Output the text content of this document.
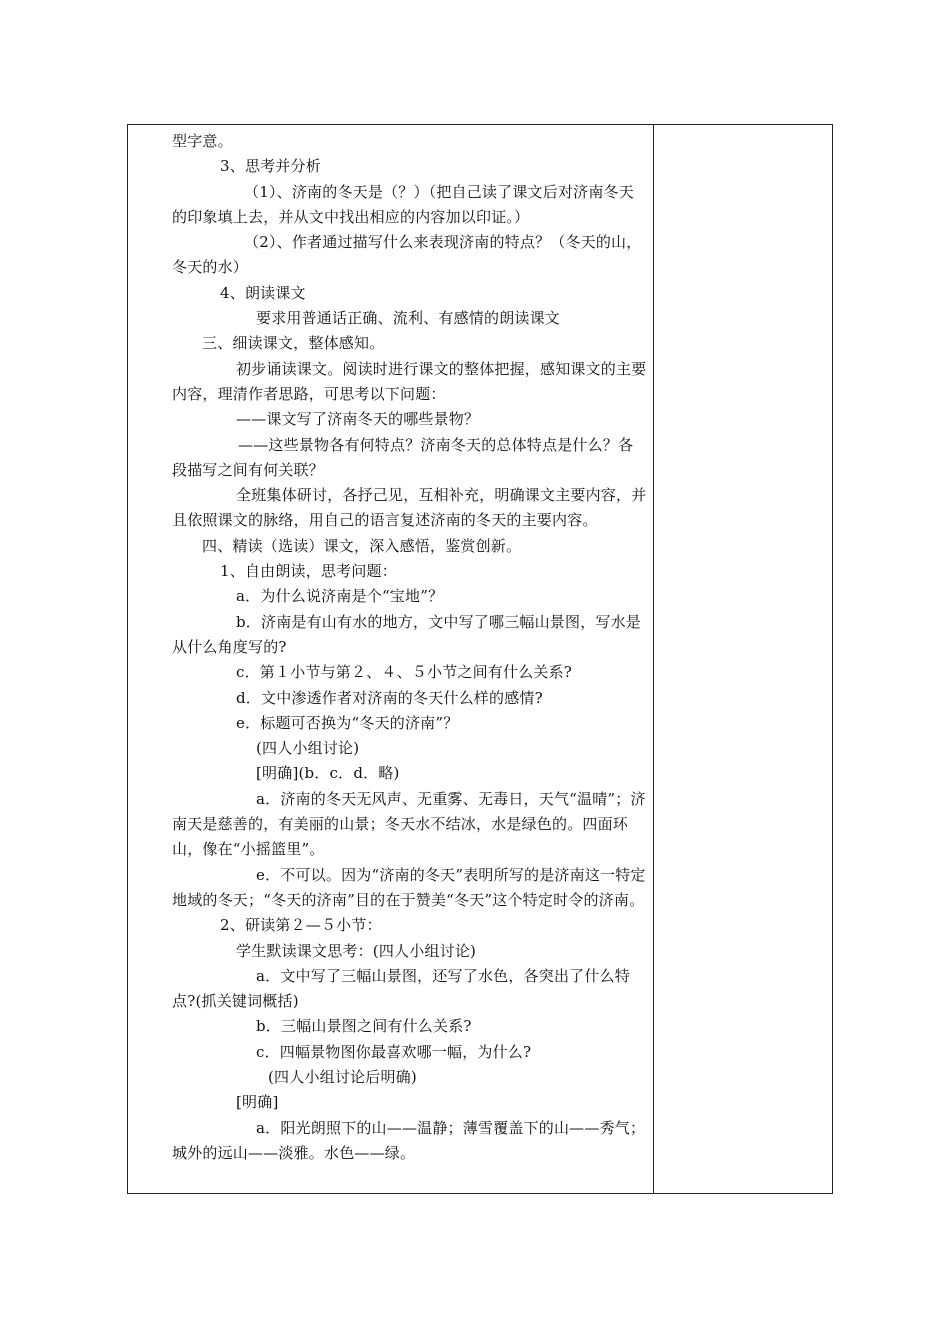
型字意。

3、思考并分析

（1）、济南的冬天是（？）（把自己读了课文后对济南冬天的印象填上去，并从文中找出相应的内容加以印证。）

（2）、作者通过描写什么来表现济南的特点？（冬天的山，冬天的水）

4、朗读课文

要求用普通话正确、流利、有感情的朗读课文

三、细读课文，整体感知。

初步诵读课文。阅读时进行课文的整体把握，感知课文的主要内容，理清作者思路，可思考以下问题：

——课文写了济南冬天的哪些景物？

——这些景物各有何特点？济南冬天的总体特点是什么？各段描写之间有何关联？

全班集体研讨，各抒己见，互相补充，明确课文主要内容，并且依照课文的脉络，用自己的语言复述济南的冬天的主要内容。

四、精读（选读）课文，深入感悟，鉴赏创新。

1、自由朗读，思考问题：

a．为什么说济南是个“宝地”？

b．济南是有山有水的地方，文中写了哪三幅山景图，写水是从什么角度写的?

c．第１小节与第２、４、５小节之间有什么关系?

d．文中渗透作者对济南的冬天什么样的感情?

e．标题可否换为“冬天的济南”？

(四人小组讨论)

[明确](b．c．d．略)

a．济南的冬天无风声、无重雾、无毒日，天气“温晴”；济南天是慈善的，有美丽的山景；冬天水不结冰，水是绿色的。四面环山，像在“小摇篮里”。

e．不可以。因为“济南的冬天”表明所写的是济南这一特定地域的冬天；“冬天的济南”目的在于赞美“冬天”这个特定时令的济南。

2、研读第２—５小节：

学生默读课文思考：(四人小组讨论)

a．文中写了三幅山景图，还写了水色，各突出了什么特点?(抓关键词概括)

b．三幅山景图之间有什么关系?

c．四幅景物图你最喜欢哪一幅，为什么?

(四人小组讨论后明确)

[明确]

a．阳光朗照下的山——温静；薄雪覆盖下的山——秀气；城外的远山——淡雅。水色——绿。
